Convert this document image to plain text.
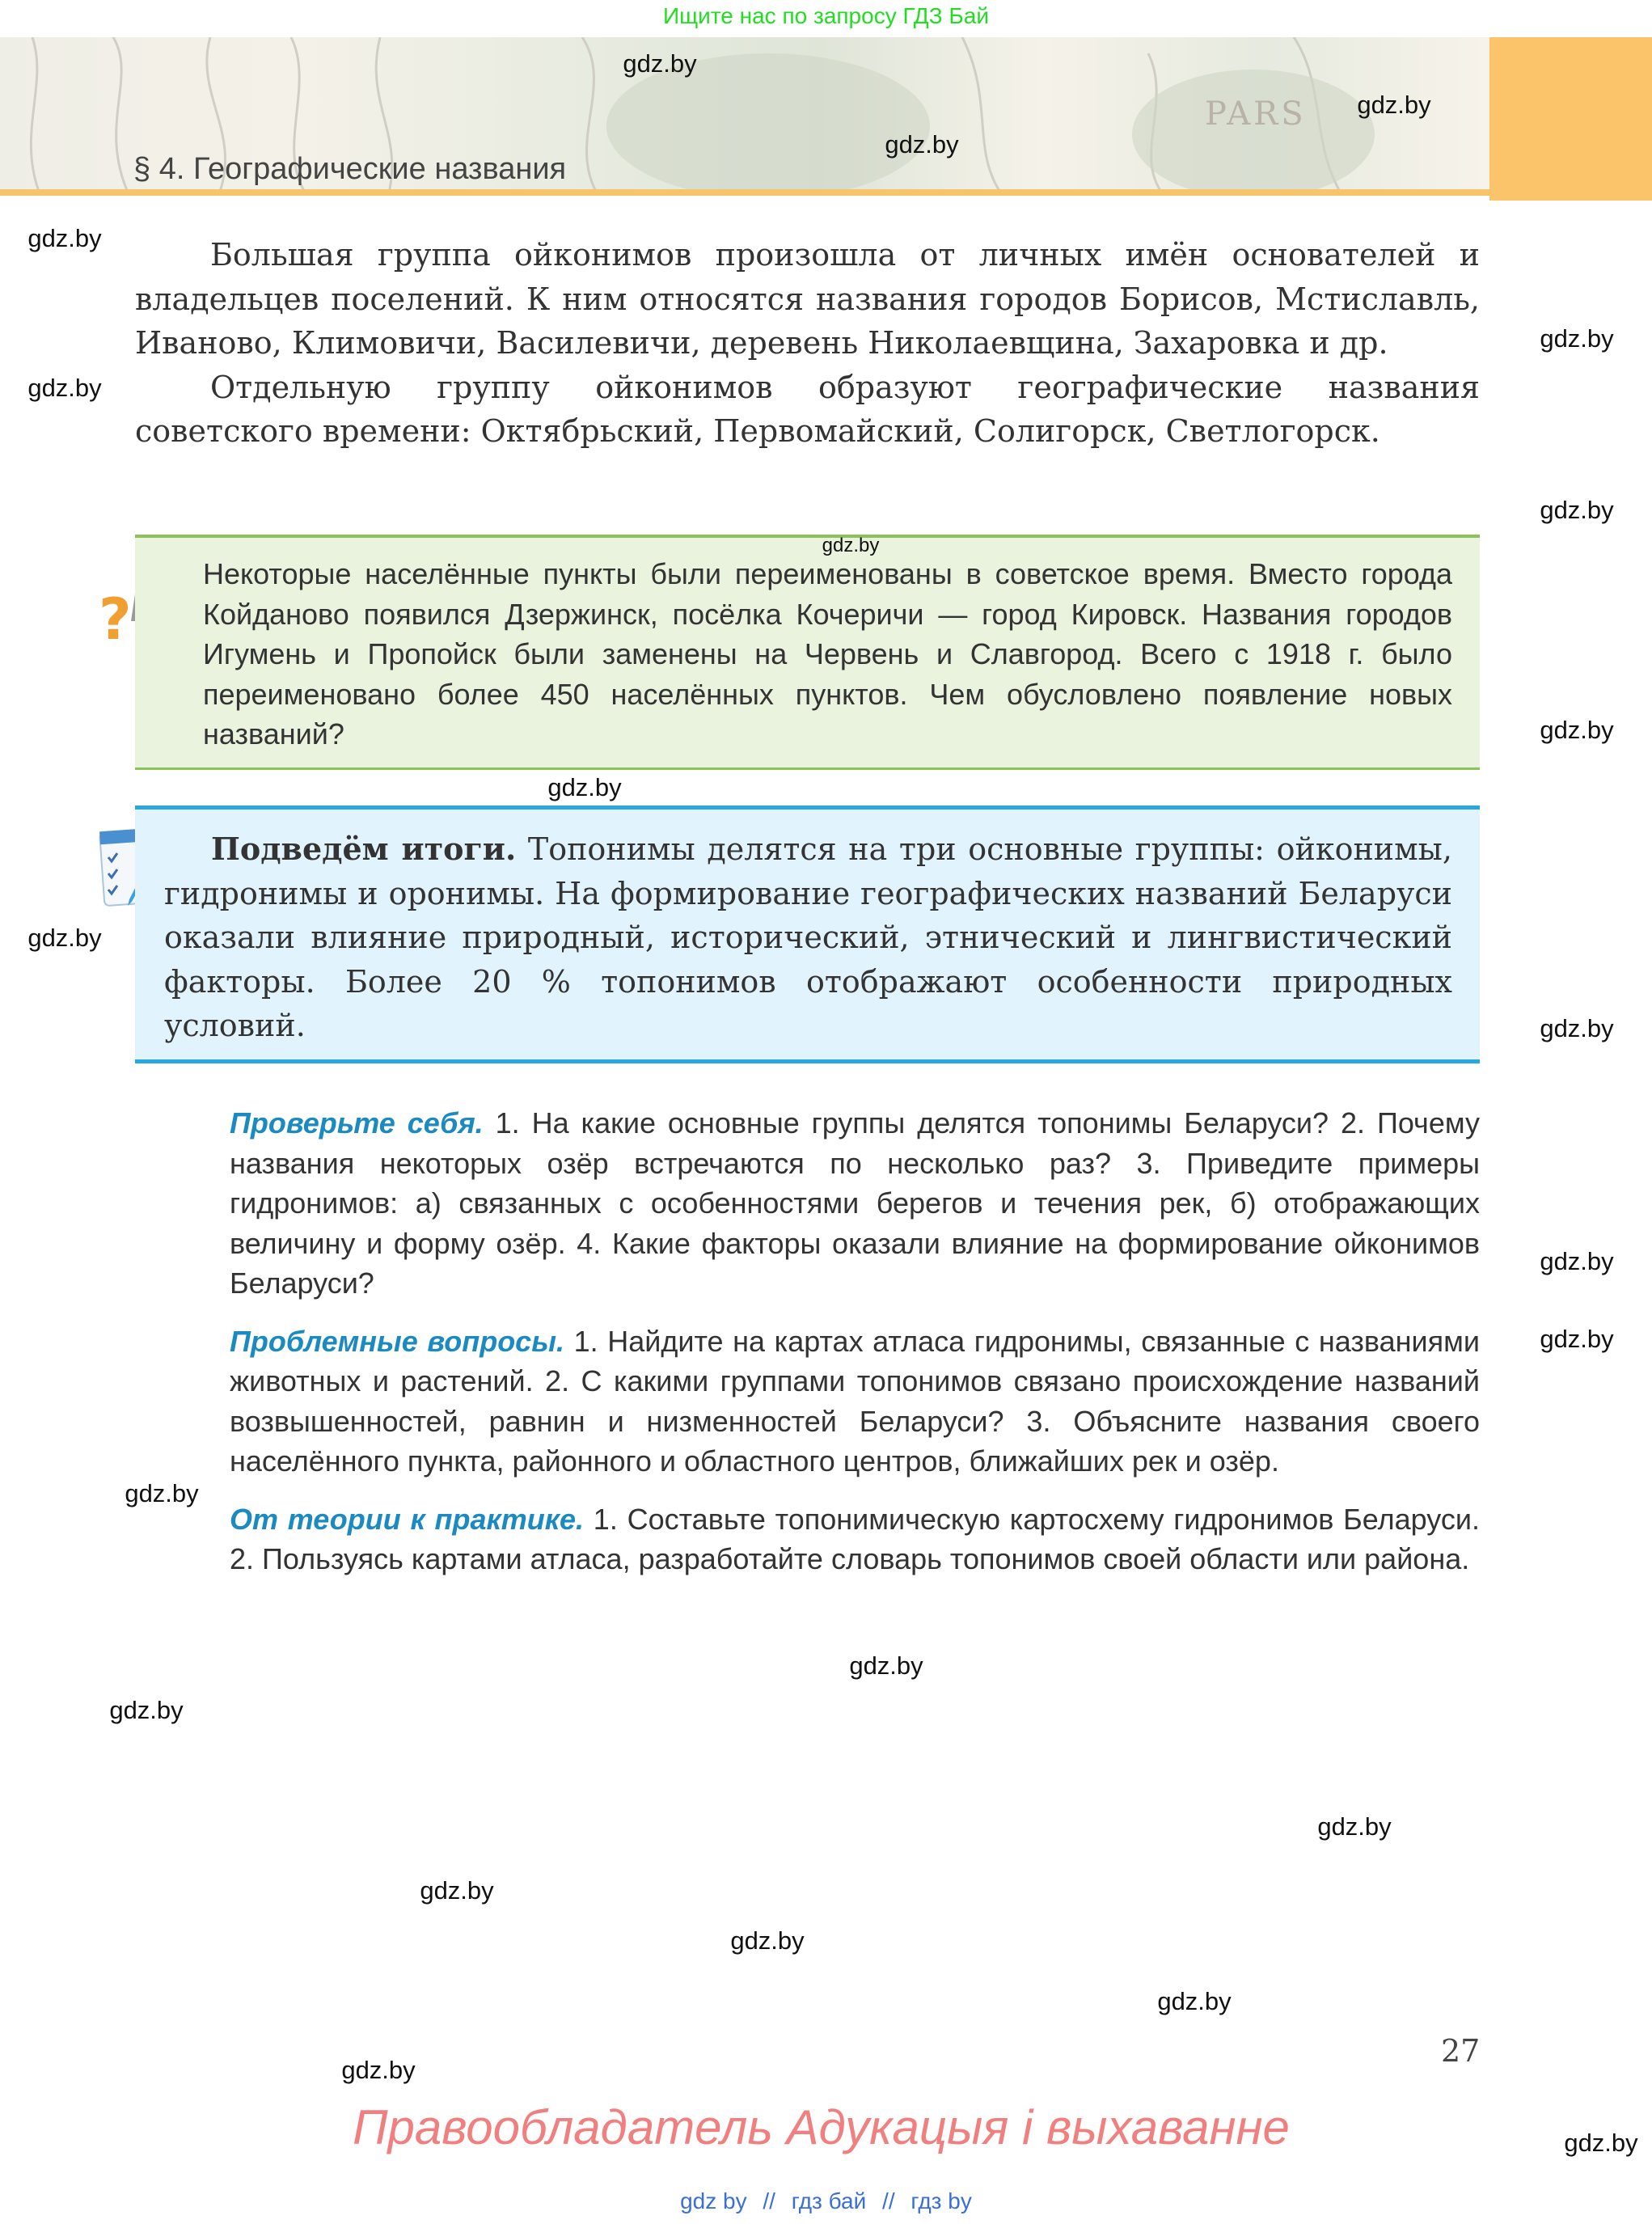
Ищите нас по запросу ГДЗ Бай
PARS
§ 4. Географические названия

Большая группа ойконимов произошла от личных имён основателей и владельцев поселений. К ним относятся названия городов Борисов, Мстиславль, Иваново, Климовичи, Василевичи, деревень Николаевщина, Захаровка и др.

Отдельную группу ойконимов образуют географические названия советского времени: Октябрьский, Первомайский, Солигорск, Светлогорск.

?
Некоторые населённые пункты были переименованы в советское время. Вместо города Койданово появился Дзержинск, посёлка Кочеричи — город Кировск. Названия городов Игумень и Пропойск были заменены на Червень и Славгород. Всего с 1918 г. было переименовано более 450 населённых пунктов. Чем обусловлено появление новых названий?
Подведём итоги. Топонимы делятся на три основные группы: ойконимы, гидронимы и оронимы. На формирование географических названий Беларуси оказали влияние природный, исторический, этнический и лингвистический факторы. Более 20 % топонимов отображают особенности природных условий.

Проверьте себя. 1. На какие основные группы делятся топонимы Беларуси? 2. Почему названия некоторых озёр встречаются по несколько раз? 3. Приведите примеры гидронимов: а) связанных с особенностями берегов и течения рек, б) отображающих величину и форму озёр. 4. Какие факторы оказали влияние на формирование ойконимов Беларуси?

Проблемные вопросы. 1. Найдите на картах атласа гидронимы, связанные с названиями животных и растений. 2. С какими группами топонимов связано происхождение названий возвышенностей, равнин и низменностей Беларуси? 3. Объясните названия своего населённого пункта, районного и областного центров, ближайших рек и озёр.

От теории к практике. 1. Составьте топонимическую картосхему гидронимов Беларуси. 2. Пользуясь картами атласа, разработайте словарь топонимов своей области или района.

27
Правообладатель Адукацыя і выхаванне
gdz by // гдз бай // гдз by
gdz.by
gdz.by
gdz.by
gdz.by
gdz.by
gdz.by
gdz.by
gdz.by
gdz.by
gdz.by
gdz.by
gdz.by
gdz.by
gdz.by
gdz.by
gdz.by
gdz.by
gdz.by
gdz.by
gdz.by
gdz.by
gdz.by
gdz.by
